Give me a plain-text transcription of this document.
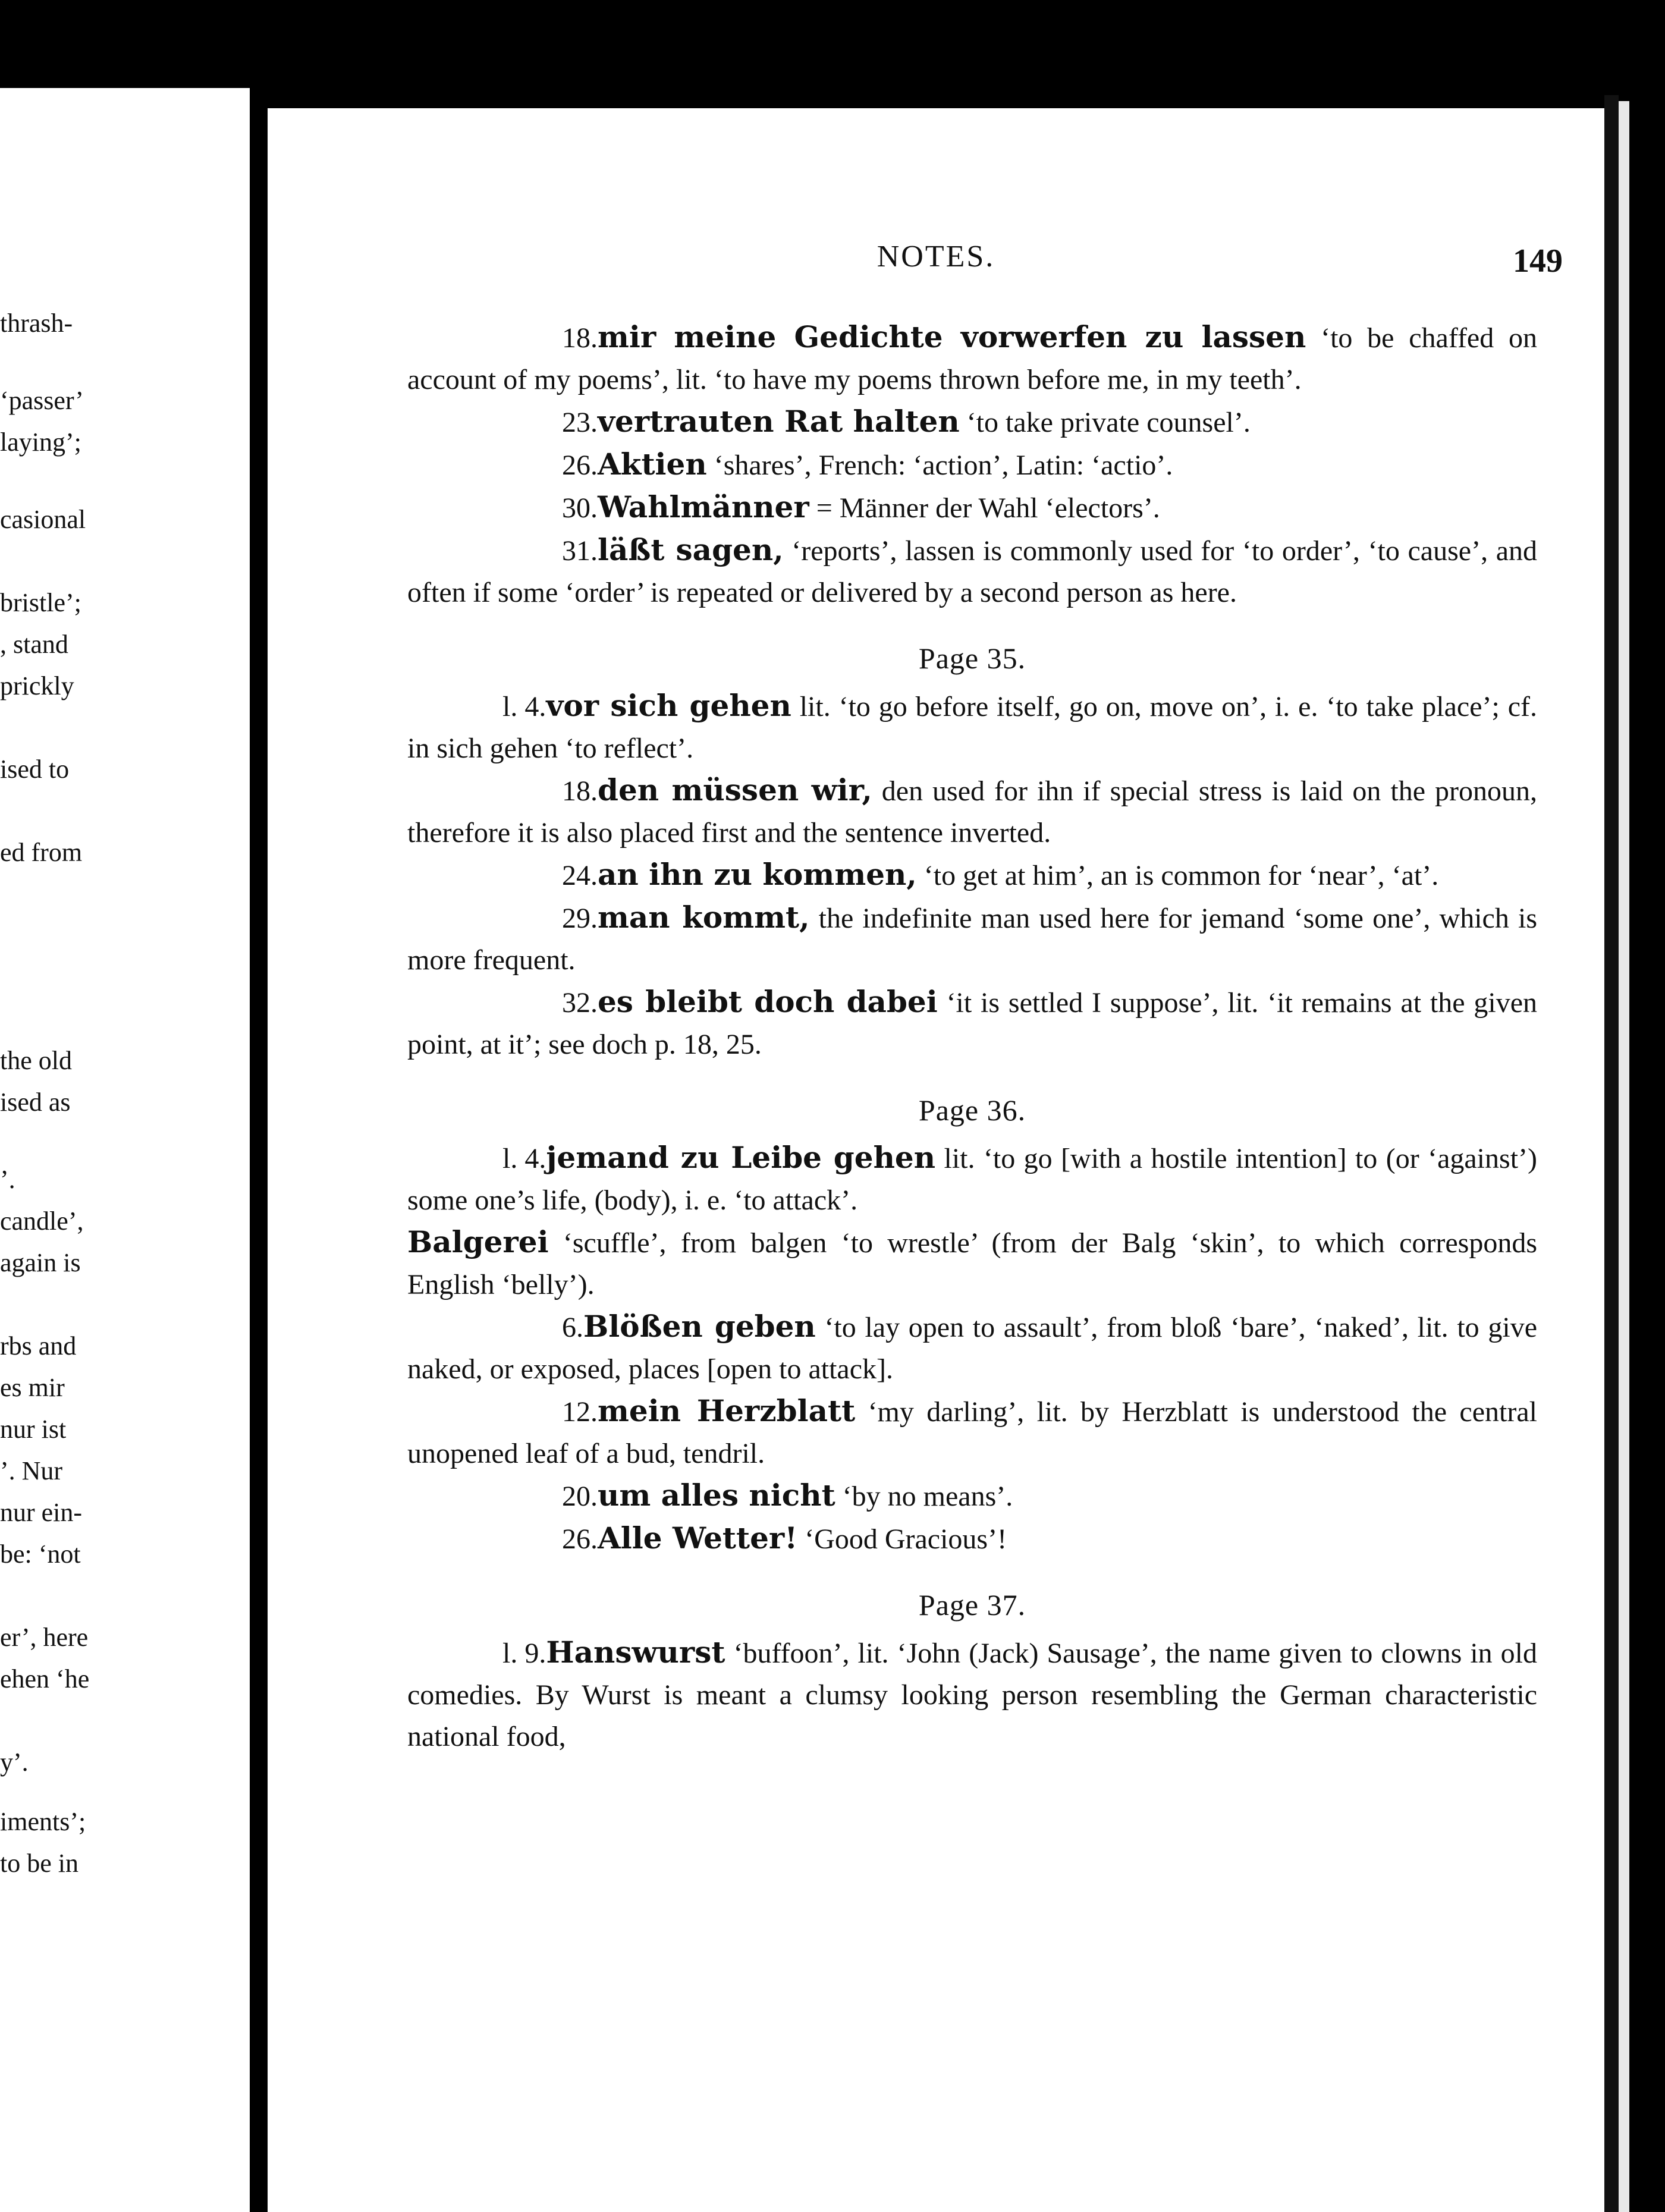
thrash-
‘passer’
laying’;
casional
bristle’;
, stand
prickly
ised to
ed from
the old
ised as
’.
candle’,
again is
rbs and
es mir
nur ist
’. Nur
nur ein-
be: ‘not
er’, here
ehen ‘he
y’.
iments’;
to be in
NOTES.	149
18.mir meine Gedichte vorwerfen zu lassen ‘to be chaffed on account of my poems’, lit. ‘to have my poems thrown before me, in my teeth’.
23.vertrauten Rat halten ‘to take private counsel’.
26.Aktien ‘shares’, French: ‘action’, Latin: ‘actio’.
30.Wahlmänner = Männer der Wahl ‘electors’.
31.läßt sagen, ‘reports’, lassen is commonly used for ‘to order’, ‘to cause’, and often if some ‘order’ is repeated or delivered by a second person as here.
Page 35.
l. 4.vor sich gehen lit. ‘to go before itself, go on, move on’, i. e. ‘to take place’; cf. in sich gehen ‘to reflect’.
18.den müssen wir, den used for ihn if special stress is laid on the pronoun, therefore it is also placed first and the sentence inverted.
24.an ihn zu kommen, ‘to get at him’, an is common for ‘near’, ‘at’.
29.man kommt, the indefinite man used here for jemand ‘some one’, which is more frequent.
32.es bleibt doch dabei ‘it is settled I suppose’, lit. ‘it remains at the given point, at it’; see doch p. 18, 25.
Page 36.
l. 4.jemand zu Leibe gehen lit. ‘to go [with a hostile intention] to (or ‘against’) some one’s life, (body), i. e. ‘to attack’.
Balgerei ‘scuffle’, from balgen ‘to wrestle’ (from der Balg ‘skin’, to which corresponds English ‘belly’).
6.Blößen geben ‘to lay open to assault’, from bloß ‘bare’, ‘naked’, lit. to give naked, or exposed, places [open to attack].
12.mein Herzblatt ‘my darling’, lit. by Herzblatt is understood the central unopened leaf of a bud, tendril.
20.um alles nicht ‘by no means’.
26.Alle Wetter! ‘Good Gracious’!
Page 37.
l. 9.Hanswurst ‘buffoon’, lit. ‘John (Jack) Sausage’, the name given to clowns in old comedies. By Wurst is meant a clumsy looking person resembling the German characteristic national food,
